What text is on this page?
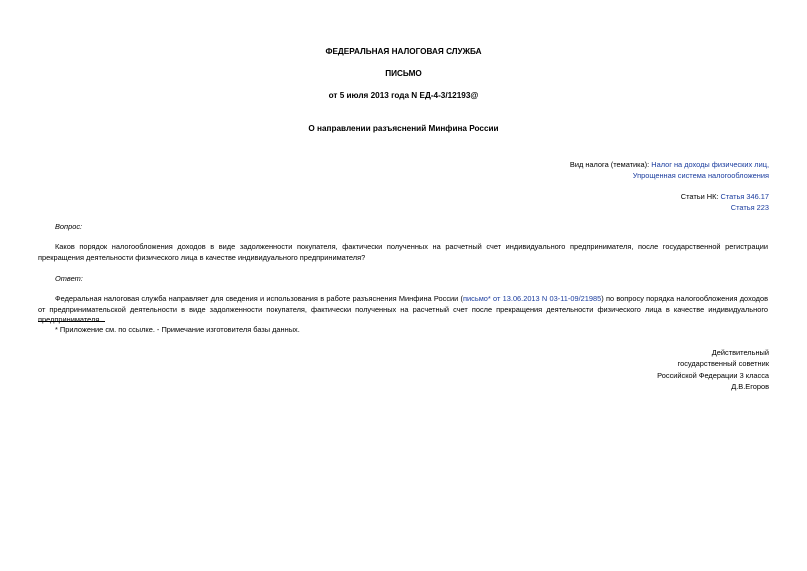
ФЕДЕРАЛЬНАЯ НАЛОГОВАЯ СЛУЖБА
ПИСЬМО
от 5 июля 2013 года N ЕД-4-3/12193@
О направлении разъяснений Минфина России
Вид налога (тематика): Налог на доходы физических лиц,
Упрощенная система налогообложения
Статьи НК: Статья 346.17
Статья 223
Вопрос:
Каков порядок налогообложения доходов в виде задолженности покупателя, фактически полученных на расчетный счет индивидуального предпринимателя, после государственной регистрации прекращения деятельности физического лица в качестве индивидуального предпринимателя?
Ответ:
Федеральная налоговая служба направляет для сведения и использования в работе разъяснения Минфина России (письмо* от 13.06.2013 N 03-11-09/21985) по вопросу порядка налогообложения доходов от предпринимательской деятельности в виде задолженности покупателя, фактически полученных на расчетный счет после прекращения деятельности физического лица в качестве индивидуального предпринимателя.
* Приложение см. по ссылке. - Примечание изготовителя базы данных.
Действительный
государственный советник
Российской Федерации 3 класса
Д.В.Егоров
